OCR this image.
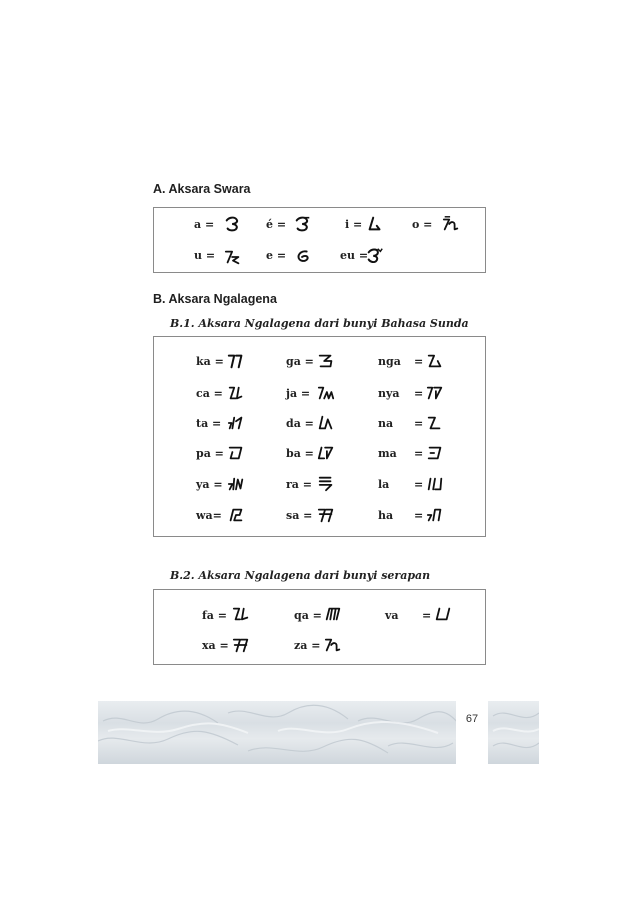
A. Aksara Swara
a =	é =	i =	o =
u =	e =	eu =
B. Aksara Ngalagena
B.1. Aksara Ngalagena dari bunyi Bahasa Sunda
ka =	ga =	nga =
ca =	ja =	nya =
ta =	da =	na =
pa =	ba =	ma =
ya =	ra =	la =
wa=	sa =	ha =
B.2. Aksara Ngalagena dari bunyi serapan
fa =	qa =	va =
xa =	za =
67
